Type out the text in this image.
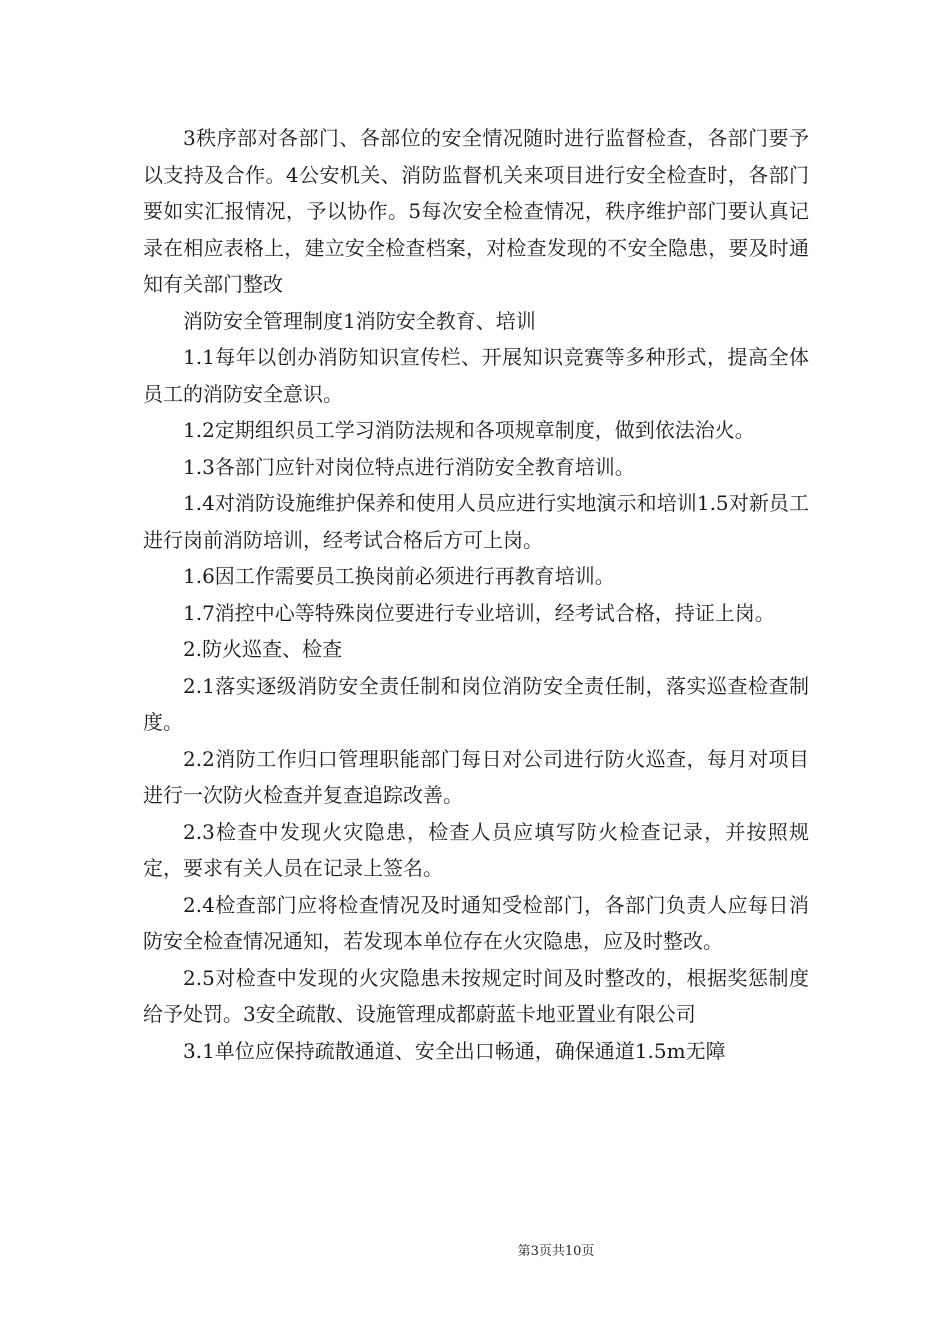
3秩序部对各部门、各部位的安全情况随时进行监督检查，各部门要予以支持及合作。4公安机关、消防监督机关来项目进行安全检查时，各部门要如实汇报情况，予以协作。5每次安全检查情况，秩序维护部门要认真记录在相应表格上，建立安全检查档案，对检查发现的不安全隐患，要及时通知有关部门整改

消防安全管理制度1消防安全教育、培训

1.1每年以创办消防知识宣传栏、开展知识竞赛等多种形式，提高全体员工的消防安全意识。

1.2定期组织员工学习消防法规和各项规章制度，做到依法治火。

1.3各部门应针对岗位特点进行消防安全教育培训。

1.4对消防设施维护保养和使用人员应进行实地演示和培训1.5对新员工进行岗前消防培训，经考试合格后方可上岗。

1.6因工作需要员工换岗前必须进行再教育培训。

1.7消控中心等特殊岗位要进行专业培训，经考试合格，持证上岗。

2.防火巡查、检查

2.1落实逐级消防安全责任制和岗位消防安全责任制，落实巡查检查制度。

2.2消防工作归口管理职能部门每日对公司进行防火巡查，每月对项目进行一次防火检查并复查追踪改善。

2.3检查中发现火灾隐患，检查人员应填写防火检查记录，并按照规定，要求有关人员在记录上签名。

2.4检查部门应将检查情况及时通知受检部门，各部门负责人应每日消防安全检查情况通知，若发现本单位存在火灾隐患，应及时整改。

2.5对检查中发现的火灾隐患未按规定时间及时整改的，根据奖惩制度给予处罚。3安全疏散、设施管理成都蔚蓝卡地亚置业有限公司

3.1单位应保持疏散通道、安全出口畅通，确保通道1.5m无障

第3页共10页
